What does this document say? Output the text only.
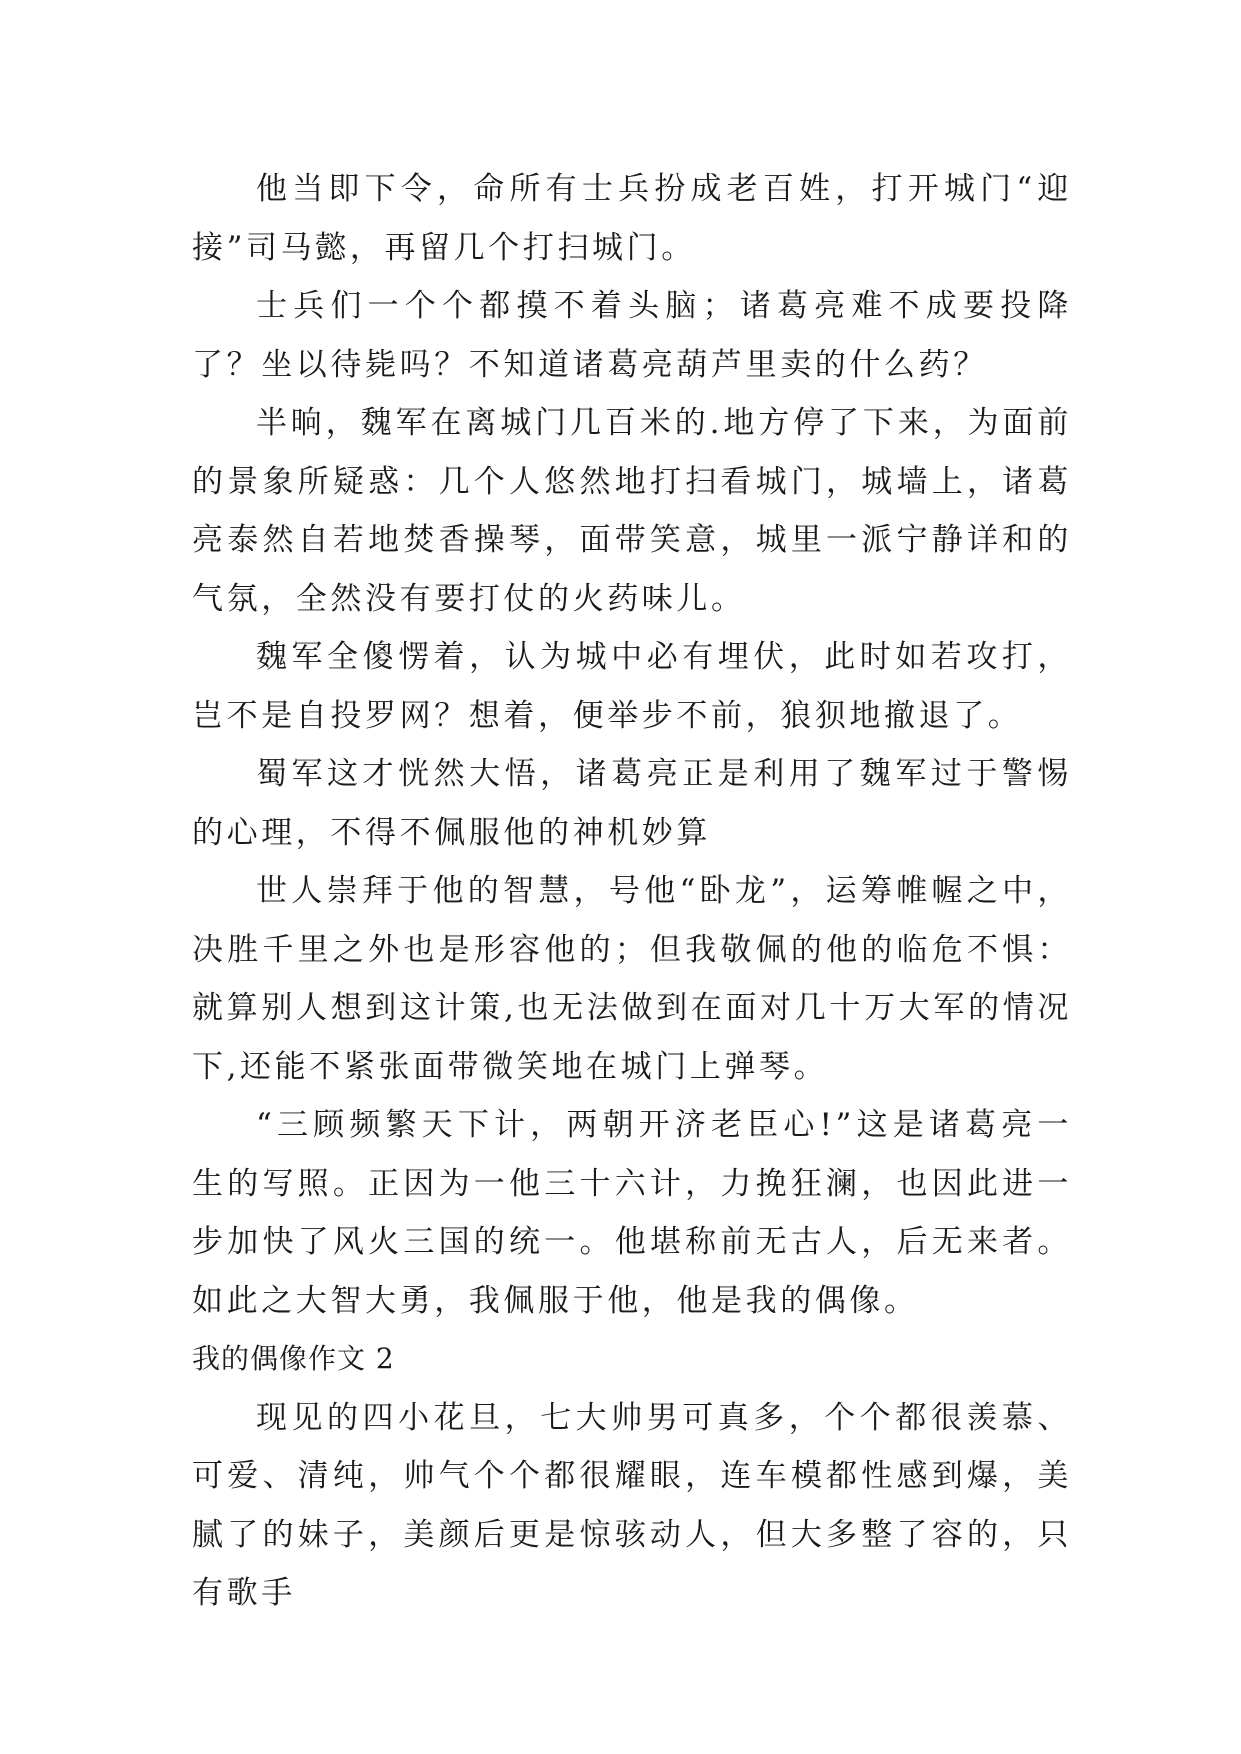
他当即下令，命所有士兵扮成老百姓，打开城门“迎接”司马懿，再留几个打扫城门。

士兵们一个个都摸不着头脑；诸葛亮难不成要投降了？坐以待毙吗？不知道诸葛亮葫芦里卖的什么药？

半晌，魏军在离城门几百米的.地方停了下来，为面前的景象所疑惑：几个人悠然地打扫看城门，城墙上，诸葛亮泰然自若地焚香操琴，面带笑意，城里一派宁静详和的气氛，全然没有要打仗的火药味儿。

魏军全傻愣着，认为城中必有埋伏，此时如若攻打，岂不是自投罗网？想着，便举步不前，狼狈地撤退了。

蜀军这才恍然大悟，诸葛亮正是利用了魏军过于警惕的心理，不得不佩服他的神机妙算

世人崇拜于他的智慧，号他“卧龙”，运筹帷幄之中，决胜千里之外也是形容他的；但我敬佩的他的临危不惧：就算别人想到这计策,也无法做到在面对几十万大军的情况下,还能不紧张面带微笑地在城门上弹琴。

“三顾频繁天下计，两朝开济老臣心!”这是诸葛亮一生的写照。正因为一他三十六计，力挽狂澜，也因此进一步加快了风火三国的统一。他堪称前无古人，后无来者。如此之大智大勇，我佩服于他，他是我的偶像。

我的偶像作文 2

现见的四小花旦，七大帅男可真多，个个都很羡慕、可爱、清纯，帅气个个都很耀眼，连车模都性感到爆，美腻了的妹子，美颜后更是惊骇动人，但大多整了容的，只有歌手
